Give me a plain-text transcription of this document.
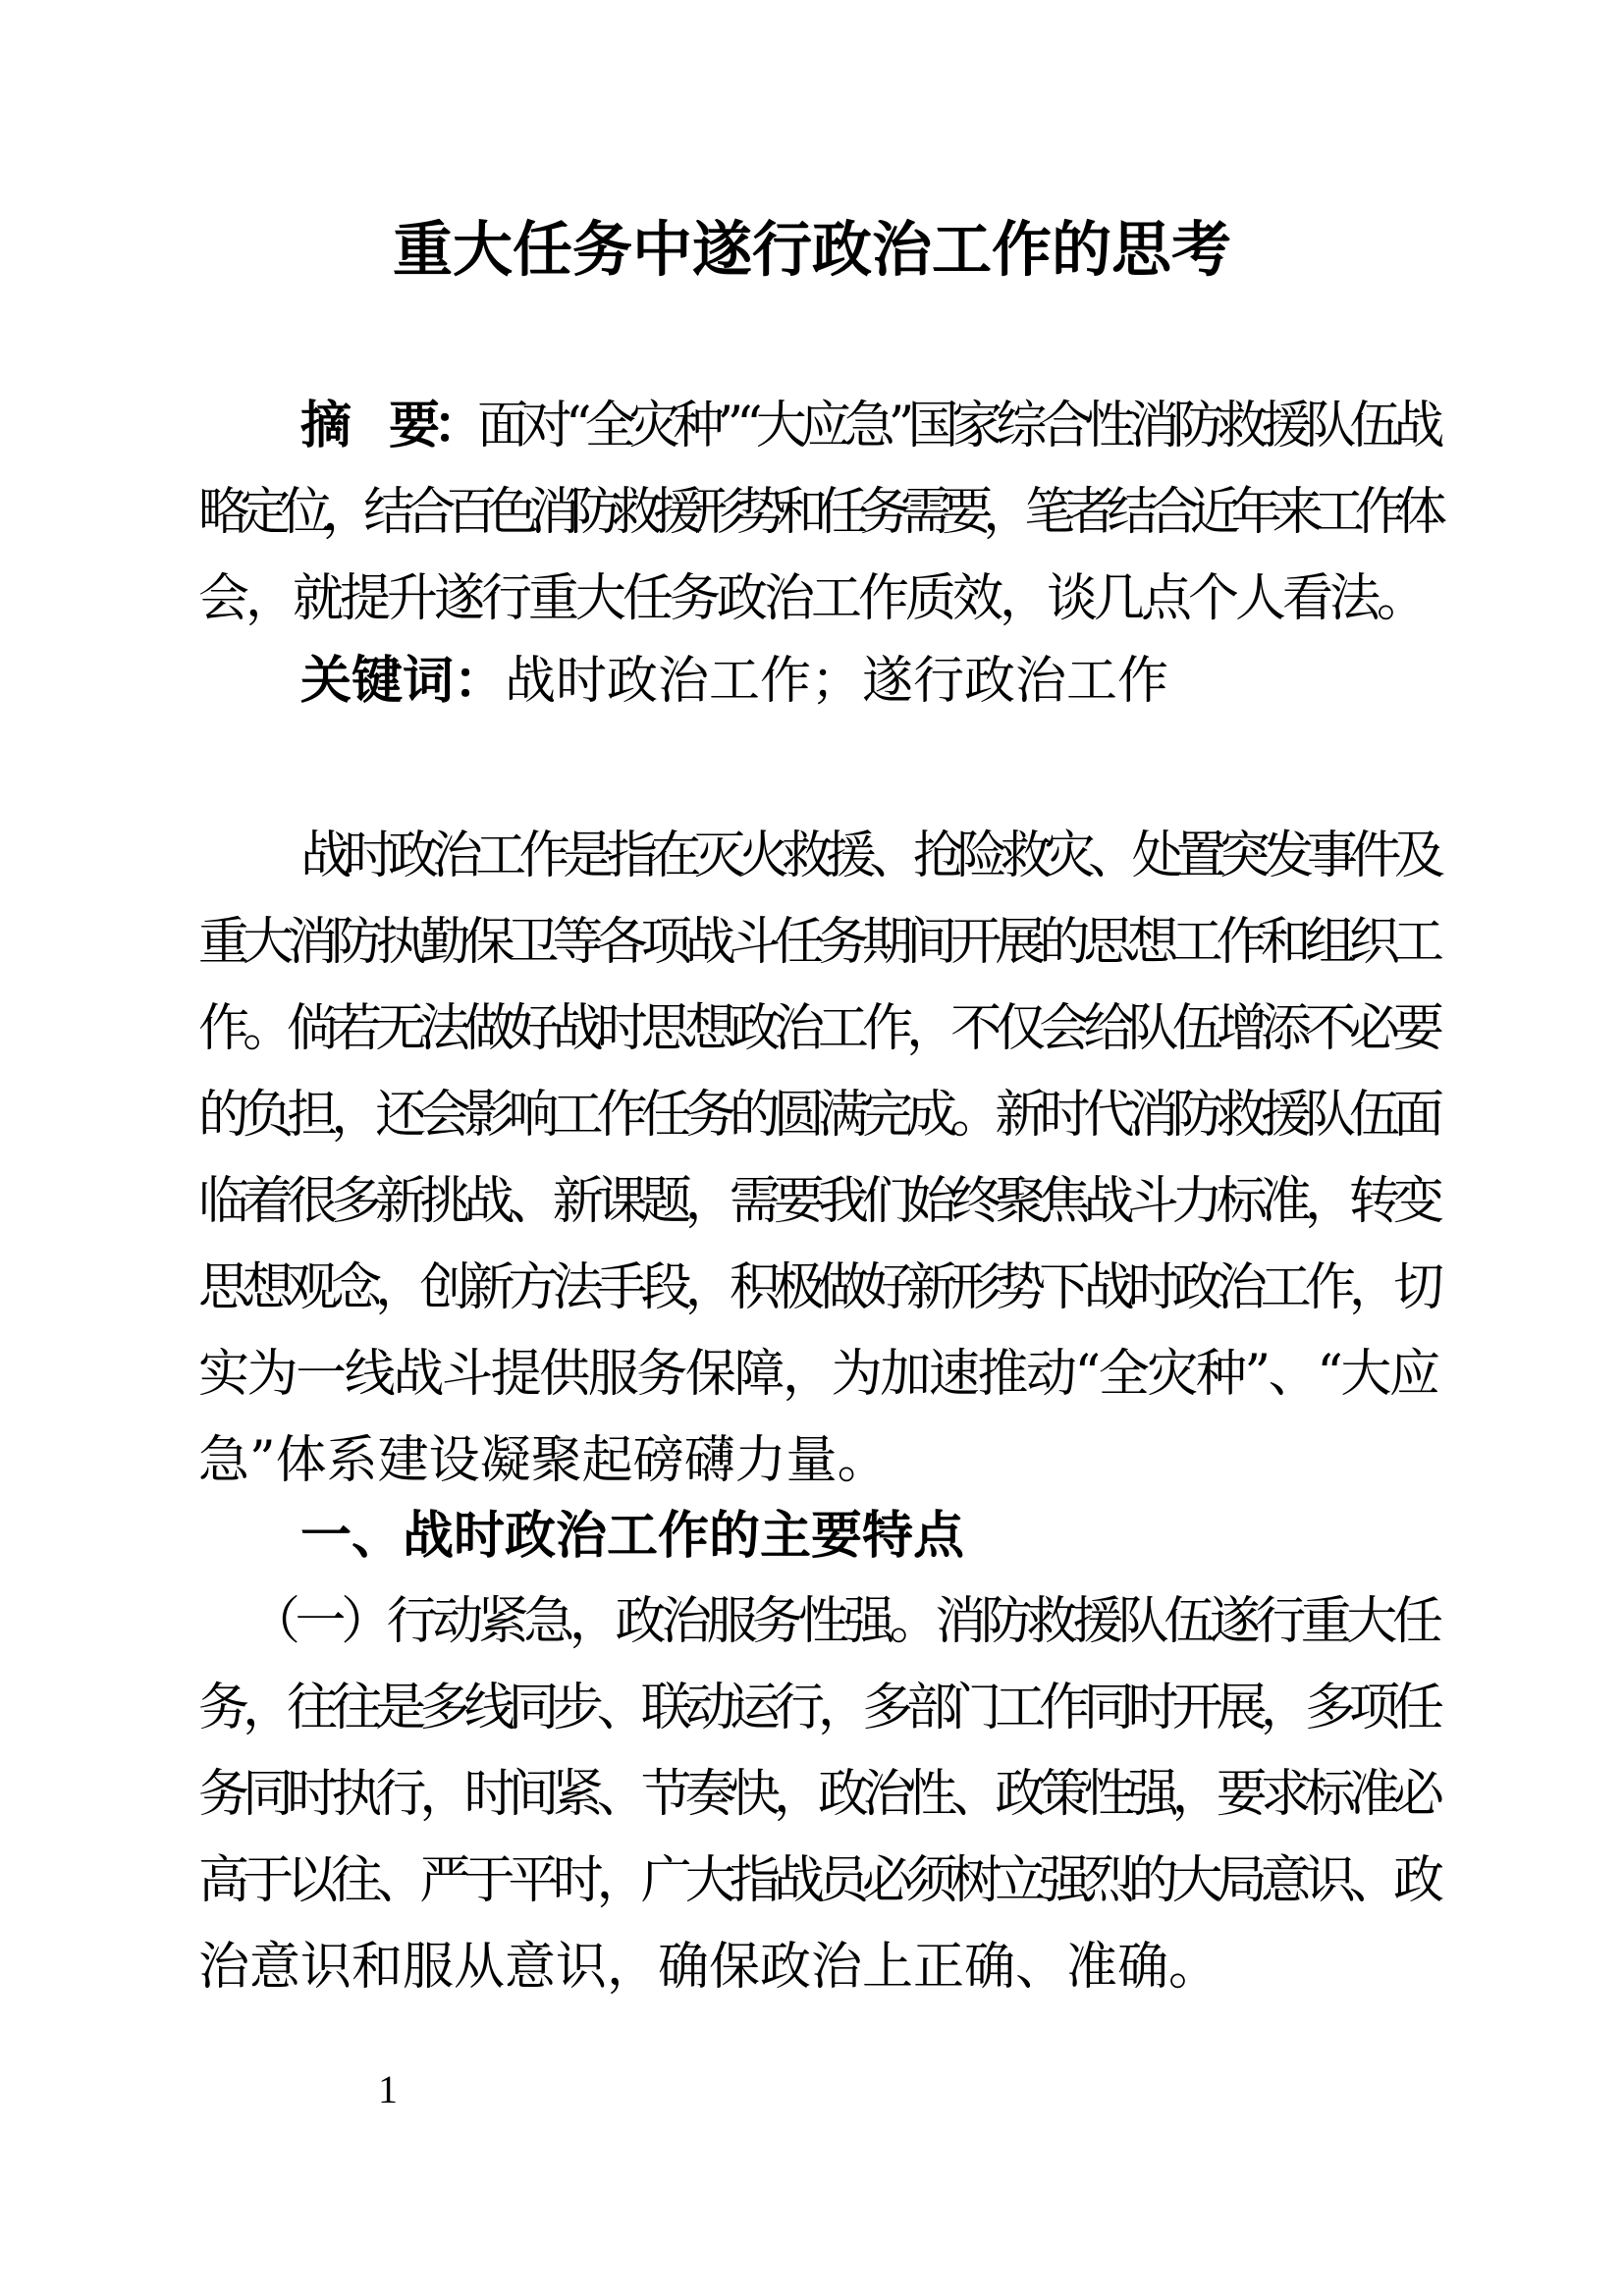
重大任务中遂行政治工作的思考
摘　要：面对“全灾种”“大应急”国家综合性消防救援队伍战
略定位，结合百色消防救援形势和任务需要，笔者结合近年来工作体
会，就提升遂行重大任务政治工作质效，谈几点个人看法。
关键词：战时政治工作；遂行政治工作
战时政治工作是指在灭火救援、抢险救灾、处置突发事件及
重大消防执勤保卫等各项战斗任务期间开展的思想工作和组织工
作。倘若无法做好战时思想政治工作，不仅会给队伍增添不必要
的负担，还会影响工作任务的圆满完成。新时代消防救援队伍面
临着很多新挑战、新课题，需要我们始终聚焦战斗力标准，转变
思想观念，创新方法手段，积极做好新形势下战时政治工作，切
实为一线战斗提供服务保障，为加速推动“全灾种”、“大应
急”体系建设凝聚起磅礴力量。
一、战时政治工作的主要特点
（一）行动紧急，政治服务性强。消防救援队伍遂行重大任
务，往往是多线同步、联动运行，多部门工作同时开展，多项任
务同时执行，时间紧、节奏快，政治性、政策性强，要求标准必
高于以往、严于平时，广大指战员必须树立强烈的大局意识、政
治意识和服从意识，确保政治上正确、准确。
1
